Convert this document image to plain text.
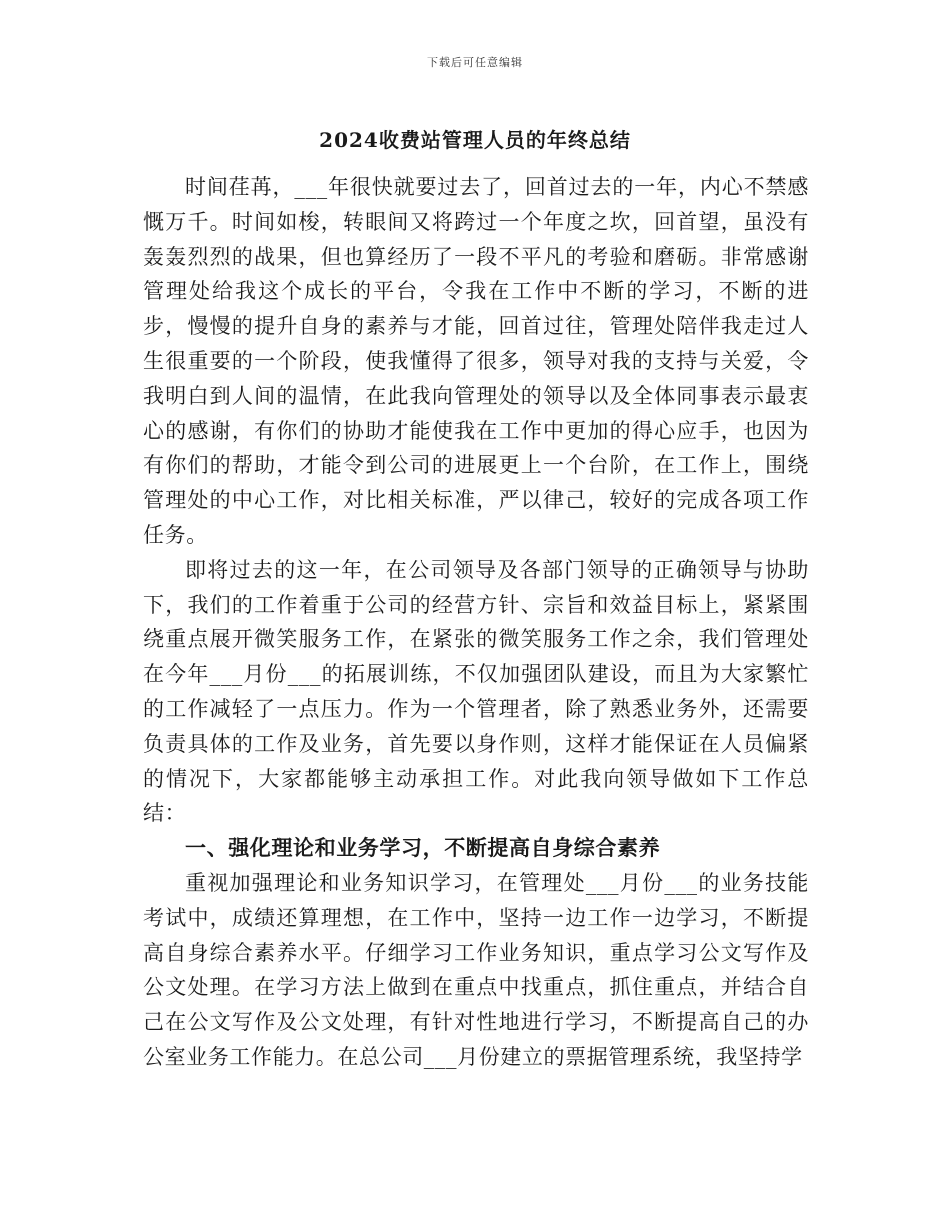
下载后可任意编辑
2024收费站管理人员的年终总结

时间荏苒，___年很快就要过去了，回首过去的一年，内心不禁感慨万千。时间如梭，转眼间又将跨过一个年度之坎，回首望，虽没有轰轰烈烈的战果，但也算经历了一段不平凡的考验和磨砺。非常感谢管理处给我这个成长的平台，令我在工作中不断的学习，不断的进步，慢慢的提升自身的素养与才能，回首过往，管理处陪伴我走过人生很重要的一个阶段，使我懂得了很多，领导对我的支持与关爱，令我明白到人间的温情，在此我向管理处的领导以及全体同事表示最衷心的感谢，有你们的协助才能使我在工作中更加的得心应手，也因为有你们的帮助，才能令到公司的进展更上一个台阶，在工作上，围绕管理处的中心工作，对比相关标准，严以律己，较好的完成各项工作任务。

即将过去的这一年，在公司领导及各部门领导的正确领导与协助下，我们的工作着重于公司的经营方针、宗旨和效益目标上，紧紧围绕重点展开微笑服务工作，在紧张的微笑服务工作之余，我们管理处在今年___月份___的拓展训练，不仅加强团队建设，而且为大家繁忙的工作减轻了一点压力。作为一个管理者，除了熟悉业务外，还需要负责具体的工作及业务，首先要以身作则，这样才能保证在人员偏紧的情况下，大家都能够主动承担工作。对此我向领导做如下工作总结：

一、强化理论和业务学习，不断提高自身综合素养

重视加强理论和业务知识学习，在管理处___月份___的业务技能考试中，成绩还算理想，在工作中，坚持一边工作一边学习，不断提高自身综合素养水平。仔细学习工作业务知识，重点学习公文写作及公文处理。在学习方法上做到在重点中找重点，抓住重点，并结合自己在公文写作及公文处理，有针对性地进行学习，不断提高自己的办公室业务工作能力。在总公司___月份建立的票据管理系统，我坚持学
